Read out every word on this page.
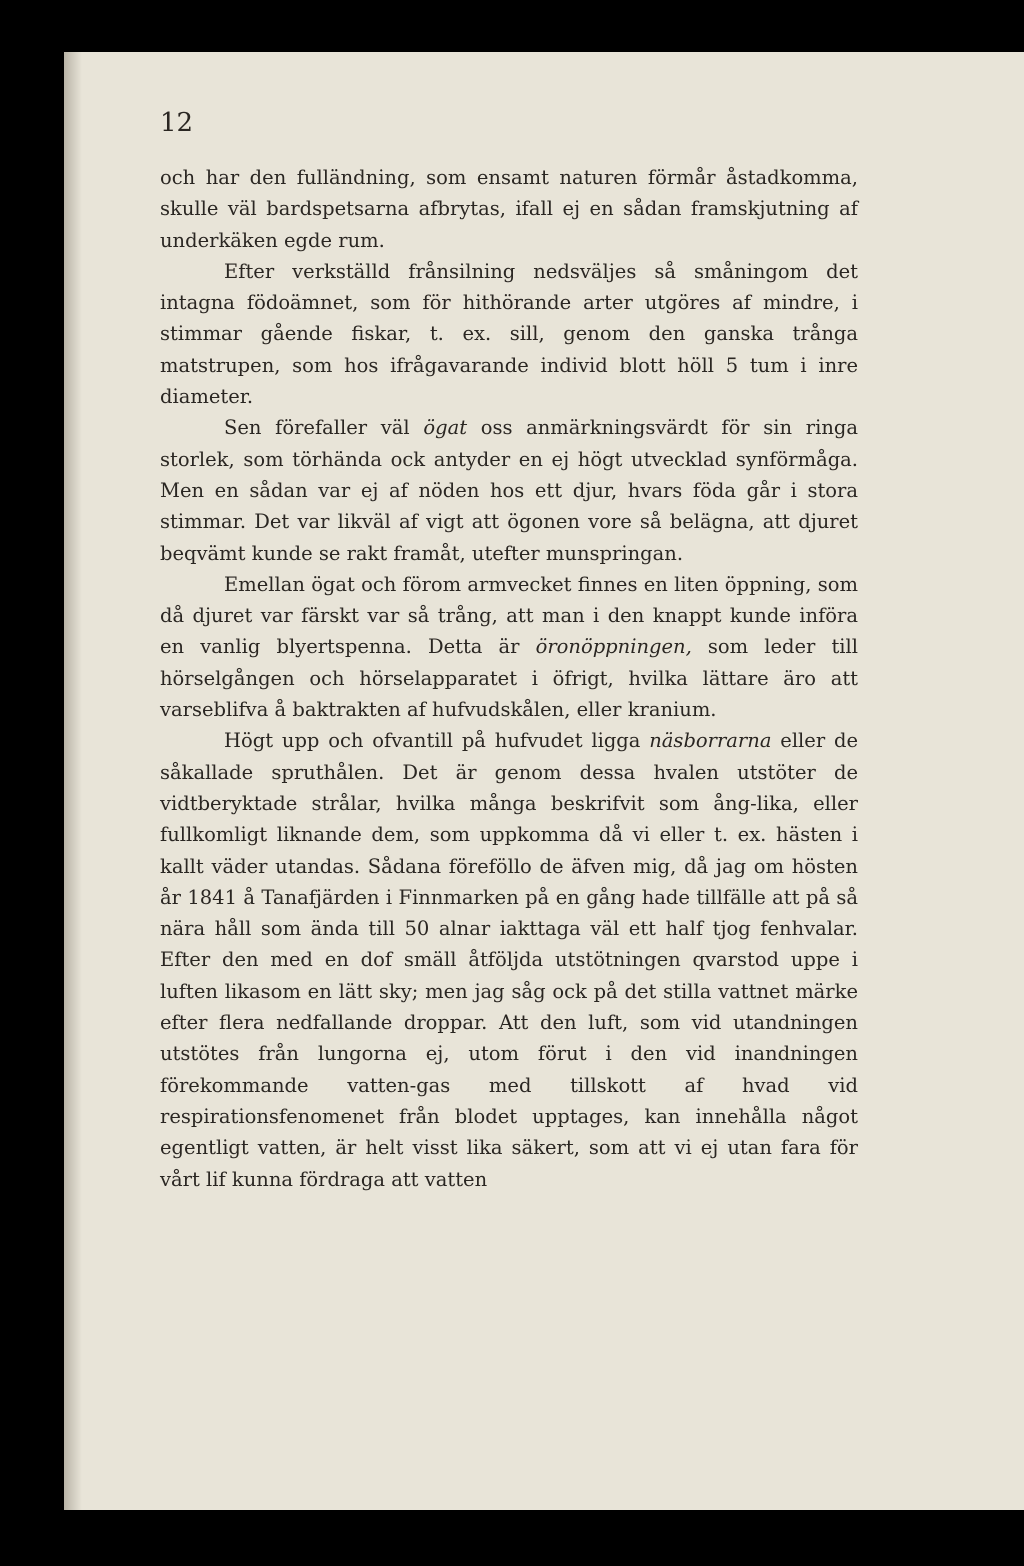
12

och har den fulländning, som ensamt naturen förmår åstadkomma, skulle väl bardspetsarna afbrytas, ifall ej en sådan framskjutning af underkäken egde rum.

Efter verkställd frånsilning nedsväljes så småningom det intagna födoämnet, som för hithörande arter utgöres af mindre, i stimmar gående fiskar, t. ex. sill, genom den ganska trånga matstrupen, som hos ifrågavarande individ blott höll 5 tum i inre diameter.

Sen förefaller väl ögat oss anmärkningsvärdt för sin ringa storlek, som törhända ock antyder en ej högt utvecklad synförmåga. Men en sådan var ej af nöden hos ett djur, hvars föda går i stora stimmar. Det var likväl af vigt att ögonen vore så belägna, att djuret beqvämt kunde se rakt framåt, utefter munspringan.

Emellan ögat och förom armvecket finnes en liten öppning, som då djuret var färskt var så trång, att man i den knappt kunde införa en vanlig blyertspenna. Detta är öronöppningen, som leder till hörselgången och hörselapparatet i öfrigt, hvilka lättare äro att varseblifva å baktrakten af hufvudskålen, eller kranium.

Högt upp och ofvantill på hufvudet ligga näsborrarna eller de såkallade spruthålen. Det är genom dessa hvalen utstöter de vidtberyktade strålar, hvilka många beskrifvit som ång-lika, eller fullkomligt liknande dem, som uppkomma då vi eller t. ex. hästen i kallt väder utandas. Sådana föreföllo de äfven mig, då jag om hösten år 1841 å Tanafjärden i Finnmarken på en gång hade tillfälle att på så nära håll som ända till 50 alnar iakttaga väl ett half tjog fenhvalar. Efter den med en dof smäll åtföljda utstötningen qvarstod uppe i luften likasom en lätt sky; men jag såg ock på det stilla vattnet märke efter flera nedfallande droppar. Att den luft, som vid utandningen utstötes från lungorna ej, utom förut i den vid inandningen förekommande vatten-gas med tillskott af hvad vid respirationsfenomenet från blodet upptages, kan innehålla något egentligt vatten, är helt visst lika säkert, som att vi ej utan fara för vårt lif kunna fördraga att vatten
